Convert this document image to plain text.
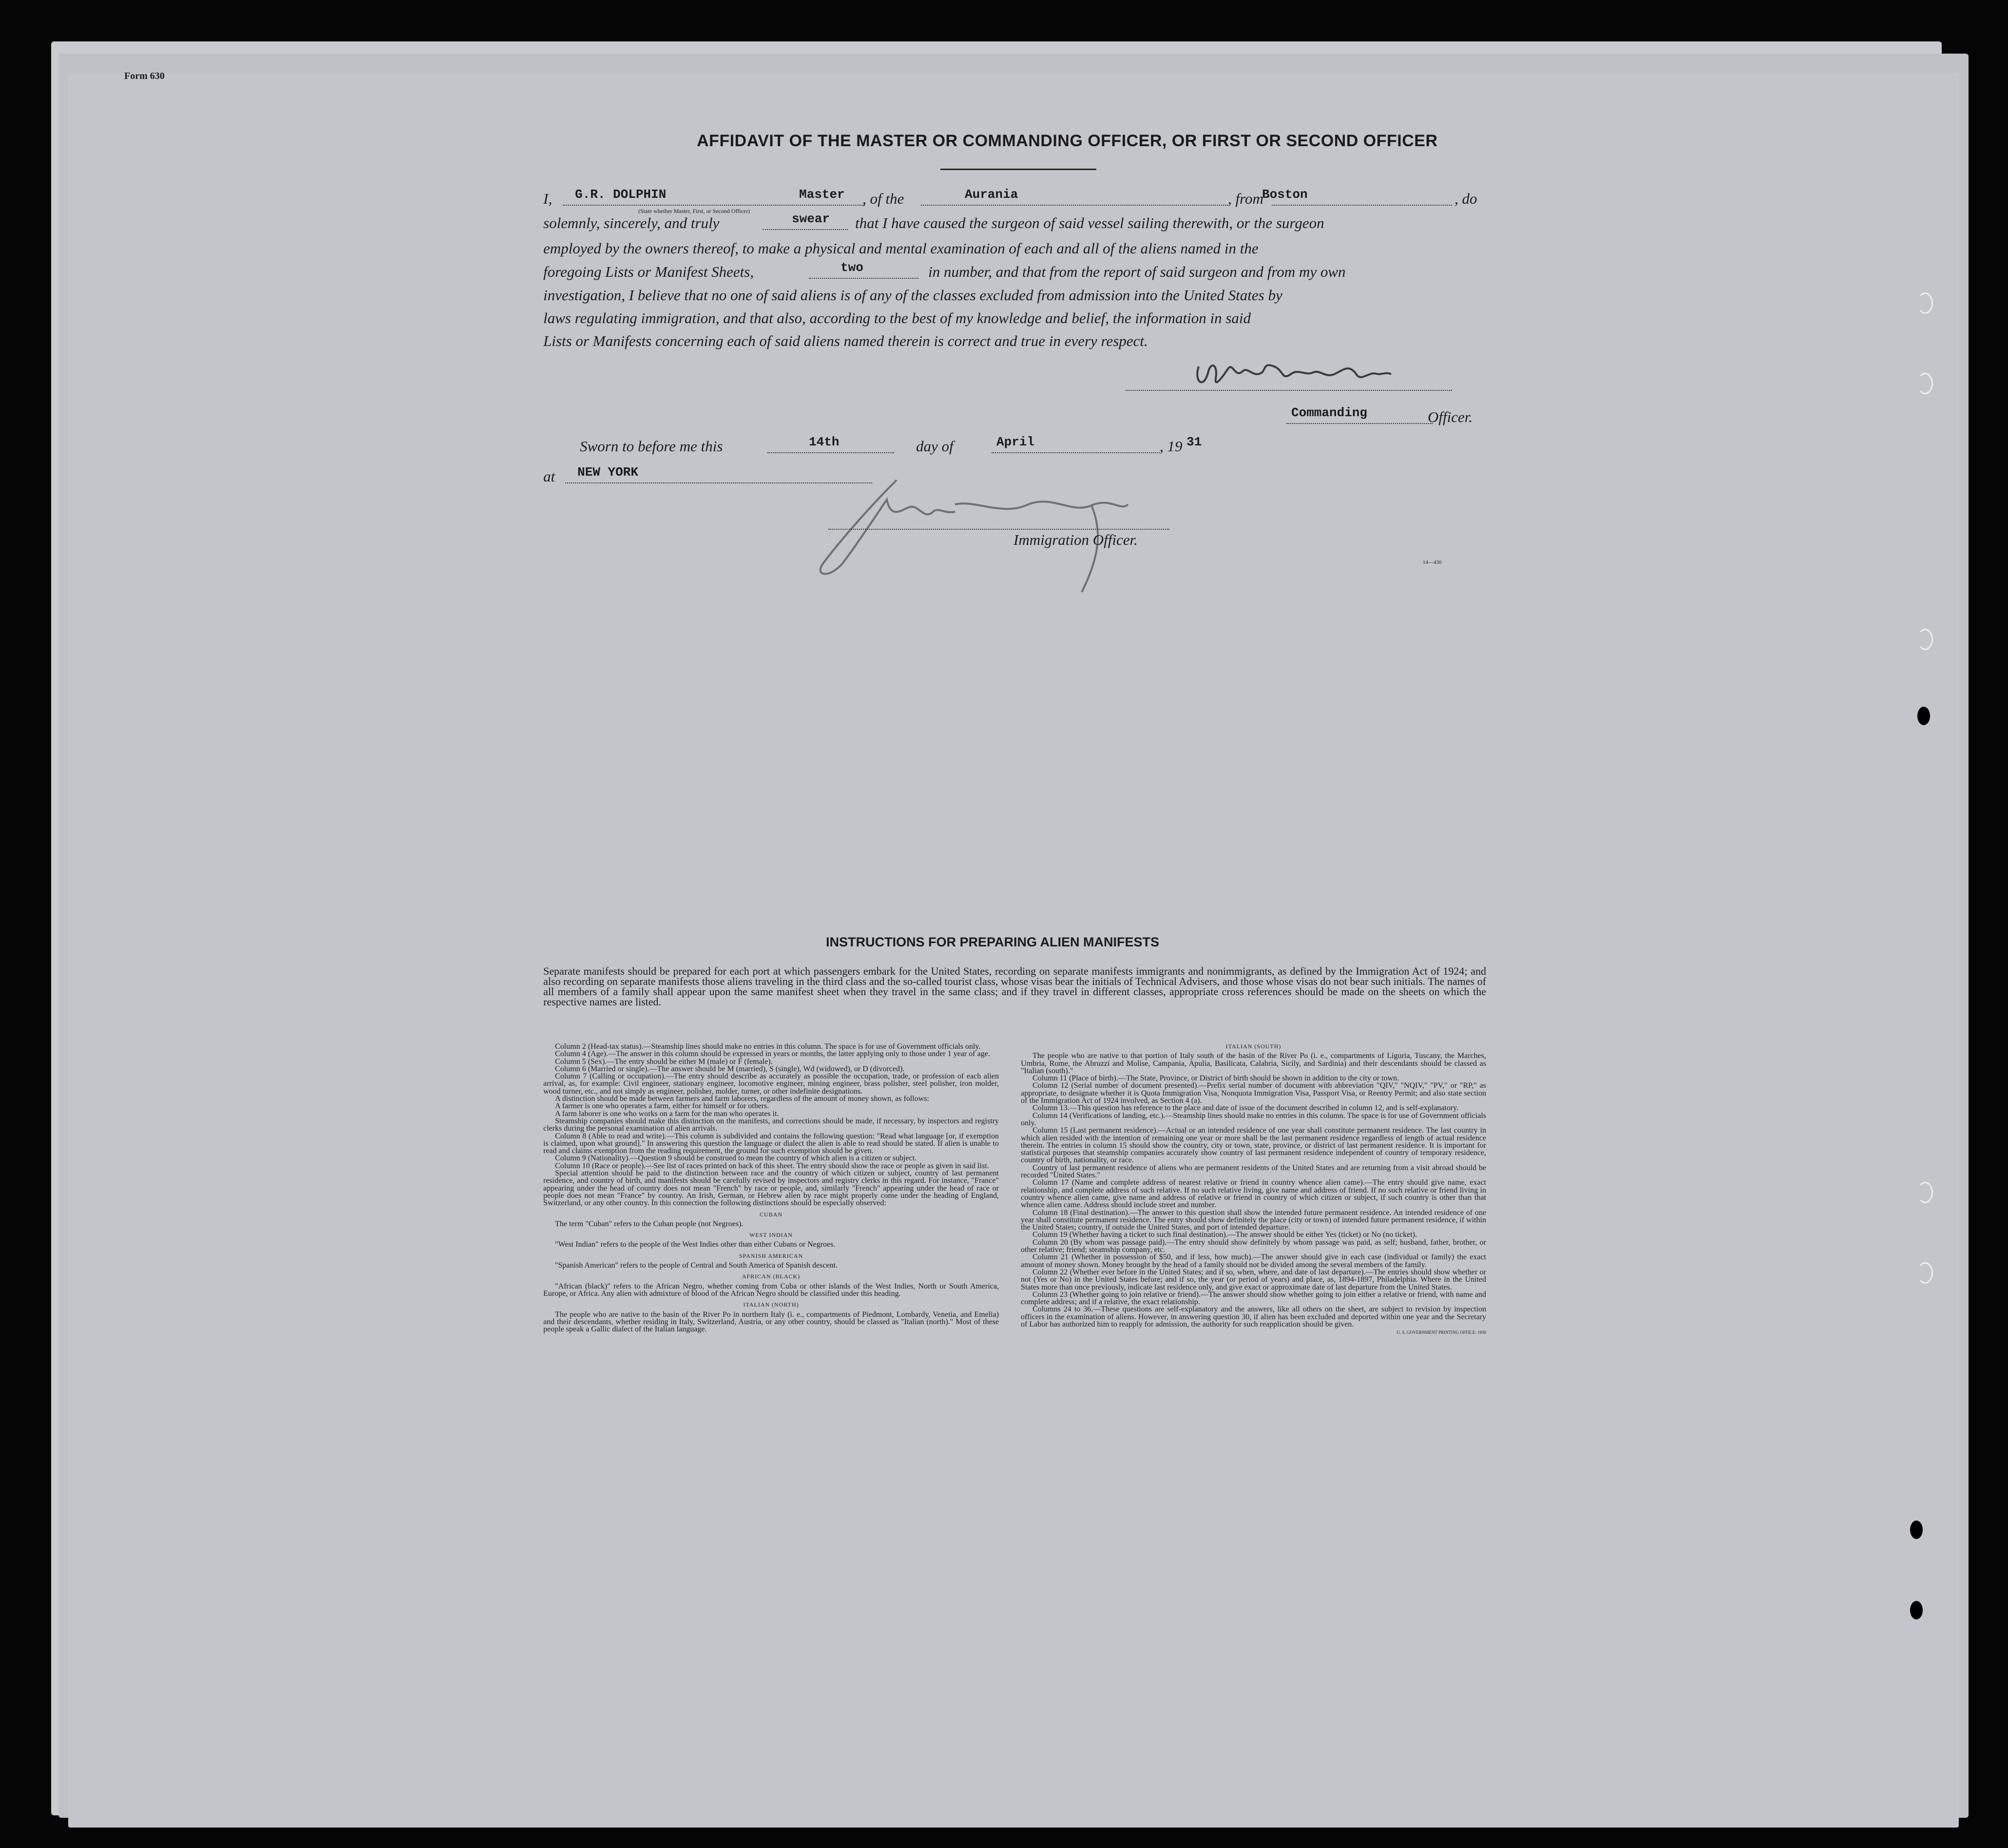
Form 630
AFFIDAVIT OF THE MASTER OR COMMANDING OFFICER, OR FIRST OR SECOND OFFICER
I, G.R. DOLPHIN	Master
(State whether Master, First, or Second Officer)
, of the	Aurania	, from
Boston	, do
solemnly, sincerely, and truly	swear that I have caused the surgeon of said vessel sailing therewith, or the surgeon
employed by the owners thereof, to make a physical and mental examination of each and all of the aliens named in the
foregoing Lists or Manifest Sheets,	two	in number, and that from the report of said surgeon and from my own
investigation, I believe that no one of said aliens is of any of the classes excluded from admission into the United States by
laws regulating immigration, and that also, according to the best of my knowledge and belief, the information in said
Lists or Manifests concerning each of said aliens named therein is correct and true in every respect.
Commanding	Officer.
Sworn to before me this	14th	day of	April	, 19 31
at NEW YORK
Immigration Officer.
14—430
INSTRUCTIONS FOR PREPARING ALIEN MANIFESTS
Separate manifests should be prepared for each port at which passengers embark for the United States, recording on separate manifests immigrants and nonimmigrants, as defined by the Immigration Act of 1924; and also recording on separate manifests those aliens traveling in the third class and the so-called tourist class, whose visas bear the initials of Technical Advisers, and those whose visas do not bear such initials. The names of all members of a family shall appear upon the same manifest sheet when they travel in the same class; and if they travel in different classes, appropriate cross references should be made on the sheets on which the respective names are listed.

Column 2 (Head-tax status).—Steamship lines should make no entries in this column. The space is for use of Government officials only.

Column 4 (Age).—The answer in this column should be expressed in years or months, the latter applying only to those under 1 year of age.

Column 5 (Sex).—The entry should be either M (male) or F (female).

Column 6 (Married or single).—The answer should be M (married), S (single), Wd (widowed), or D (divorced).

Column 7 (Calling or occupation).—The entry should describe as accurately as possible the occupation, trade, or profession of each alien arrival, as, for example: Civil engineer, stationary engineer, locomotive engineer, mining engineer, brass polisher, steel polisher, iron molder, wood turner, etc., and not simply as engineer, polisher, molder, turner, or other indefinite designations.

A distinction should be made between farmers and farm laborers, regardless of the amount of money shown, as follows:

A farmer is one who operates a farm, either for himself or for others.

A farm laborer is one who works on a farm for the man who operates it.

Steamship companies should make this distinction on the manifests, and corrections should be made, if necessary, by inspectors and registry clerks during the personal examination of alien arrivals.

Column 8 (Able to read and write).—This column is subdivided and contains the following question: "Read what language [or, if exemption is claimed, upon what ground]." In answering this question the language or dialect the alien is able to read should be stated. If alien is unable to read and claims exemption from the reading requirement, the ground for such exemption should be given.

Column 9 (Nationality).—Question 9 should be construed to mean the country of which alien is a citizen or subject.

Column 10 (Race or people).—See list of races printed on back of this sheet. The entry should show the race or people as given in said list.

Special attention should be paid to the distinction between race and the country of which citizen or subject, country of last permanent residence, and country of birth, and manifests should be carefully revised by inspectors and registry clerks in this regard. For instance, "France" appearing under the head of country does not mean "French" by race or people, and, similarly "French" appearing under the head of race or people does not mean "France" by country. An Irish, German, or Hebrew alien by race might properly come under the heading of England, Switzerland, or any other country. In this connection the following distinctions should be especially observed:

CUBAN

The term "Cuban" refers to the Cuban people (not Negroes).

WEST INDIAN

"West Indian" refers to the people of the West Indies other than either Cubans or Negroes.

SPANISH AMERICAN

"Spanish American" refers to the people of Central and South America of Spanish descent.

AFRICAN (BLACK)

"African (black)" refers to the African Negro, whether coming from Cuba or other islands of the West Indies, North or South America, Europe, or Africa. Any alien with admixture of blood of the African Negro should be classified under this heading.

ITALIAN (NORTH)

The people who are native to the basin of the River Po in northern Italy (i. e., compartments of Piedmont, Lombardy, Venetia, and Emelia) and their descendants, whether residing in Italy, Switzerland, Austria, or any other country, should be classed as "Italian (north)." Most of these people speak a Gallic dialect of the Italian language.

ITALIAN (SOUTH)

The people who are native to that portion of Italy south of the basin of the River Po (i. e., compartments of Liguria, Tuscany, the Marches, Umbria, Rome, the Abruzzi and Molise, Campania, Apulia, Basilicata, Calabria, Sicily, and Sardinia) and their descendants should be classed as "Italian (south)."

Column 11 (Place of birth).—The State, Province, or District of birth should be shown in addition to the city or town.

Column 12 (Serial number of document presented).—Prefix serial number of document with abbreviation "QIV," "NQIV," "PV," or "RP," as appropriate, to designate whether it is Quota Immigration Visa, Nonquota Immigration Visa, Passport Visa, or Reentry Permit; and also state section of the Immigration Act of 1924 involved, as Section 4 (a).

Column 13.—This question has reference to the place and date of issue of the document described in column 12, and is self-explanatory.

Column 14 (Verifications of landing, etc.).—Steamship lines should make no entries in this column. The space is for use of Government officials only.

Column 15 (Last permanent residence).—Actual or an intended residence of one year shall constitute permanent residence. The last country in which alien resided with the intention of remaining one year or more shall be the last permanent residence regardless of length of actual residence therein. The entries in column 15 should show the country, city or town, state, province, or district of last permanent residence. It is important for statistical purposes that steamship companies accurately show country of last permanent residence independent of country of temporary residence, country of birth, nationality, or race.

Country of last permanent residence of aliens who are permanent residents of the United States and are returning from a visit abroad should be recorded "United States."

Column 17 (Name and complete address of nearest relative or friend in country whence alien came).—The entry should give name, exact relationship, and complete address of such relative. If no such relative living, give name and address of friend. If no such relative or friend living in country whence alien came, give name and address of relative or friend in country of which citizen or subject, if such country is other than that whence alien came. Address should include street and number.

Column 18 (Final destination).—The answer to this question shall show the intended future permanent residence. An intended residence of one year shall constitute permanent residence. The entry should show definitely the place (city or town) of intended future permanent residence, if within the United States; country, if outside the United States, and port of intended departure.

Column 19 (Whether having a ticket to such final destination).—The answer should be either Yes (ticket) or No (no ticket).

Column 20 (By whom was passage paid).—The entry should show definitely by whom passage was paid, as self; husband, father, brother, or other relative; friend; steamship company, etc.

Column 21 (Whether in possession of $50, and if less, how much).—The answer should give in each case (individual or family) the exact amount of money shown. Money brought by the head of a family should not be divided among the several members of the family.

Column 22 (Whether ever before in the United States; and if so, when, where, and date of last departure).—The entries should show whether or not (Yes or No) in the United States before; and if so, the year (or period of years) and place, as, 1894-1897, Philadelphia. Where in the United States more than once previously, indicate last residence only, and give exact or approximate date of last departure from the United States.

Column 23 (Whether going to join relative or friend).—The answer should show whether going to join either a relative or friend, with name and complete address; and if a relative, the exact relationship.

Columns 24 to 36.—These questions are self-explanatory and the answers, like all others on the sheet, are subject to revision by inspection officers in the examination of aliens. However, in answering question 30, if alien has been excluded and deported within one year and the Secretary of Labor has authorized him to reapply for admission, the authority for such reapplication should be given.

U. S. GOVERNMENT PRINTING OFFICE: 1930
